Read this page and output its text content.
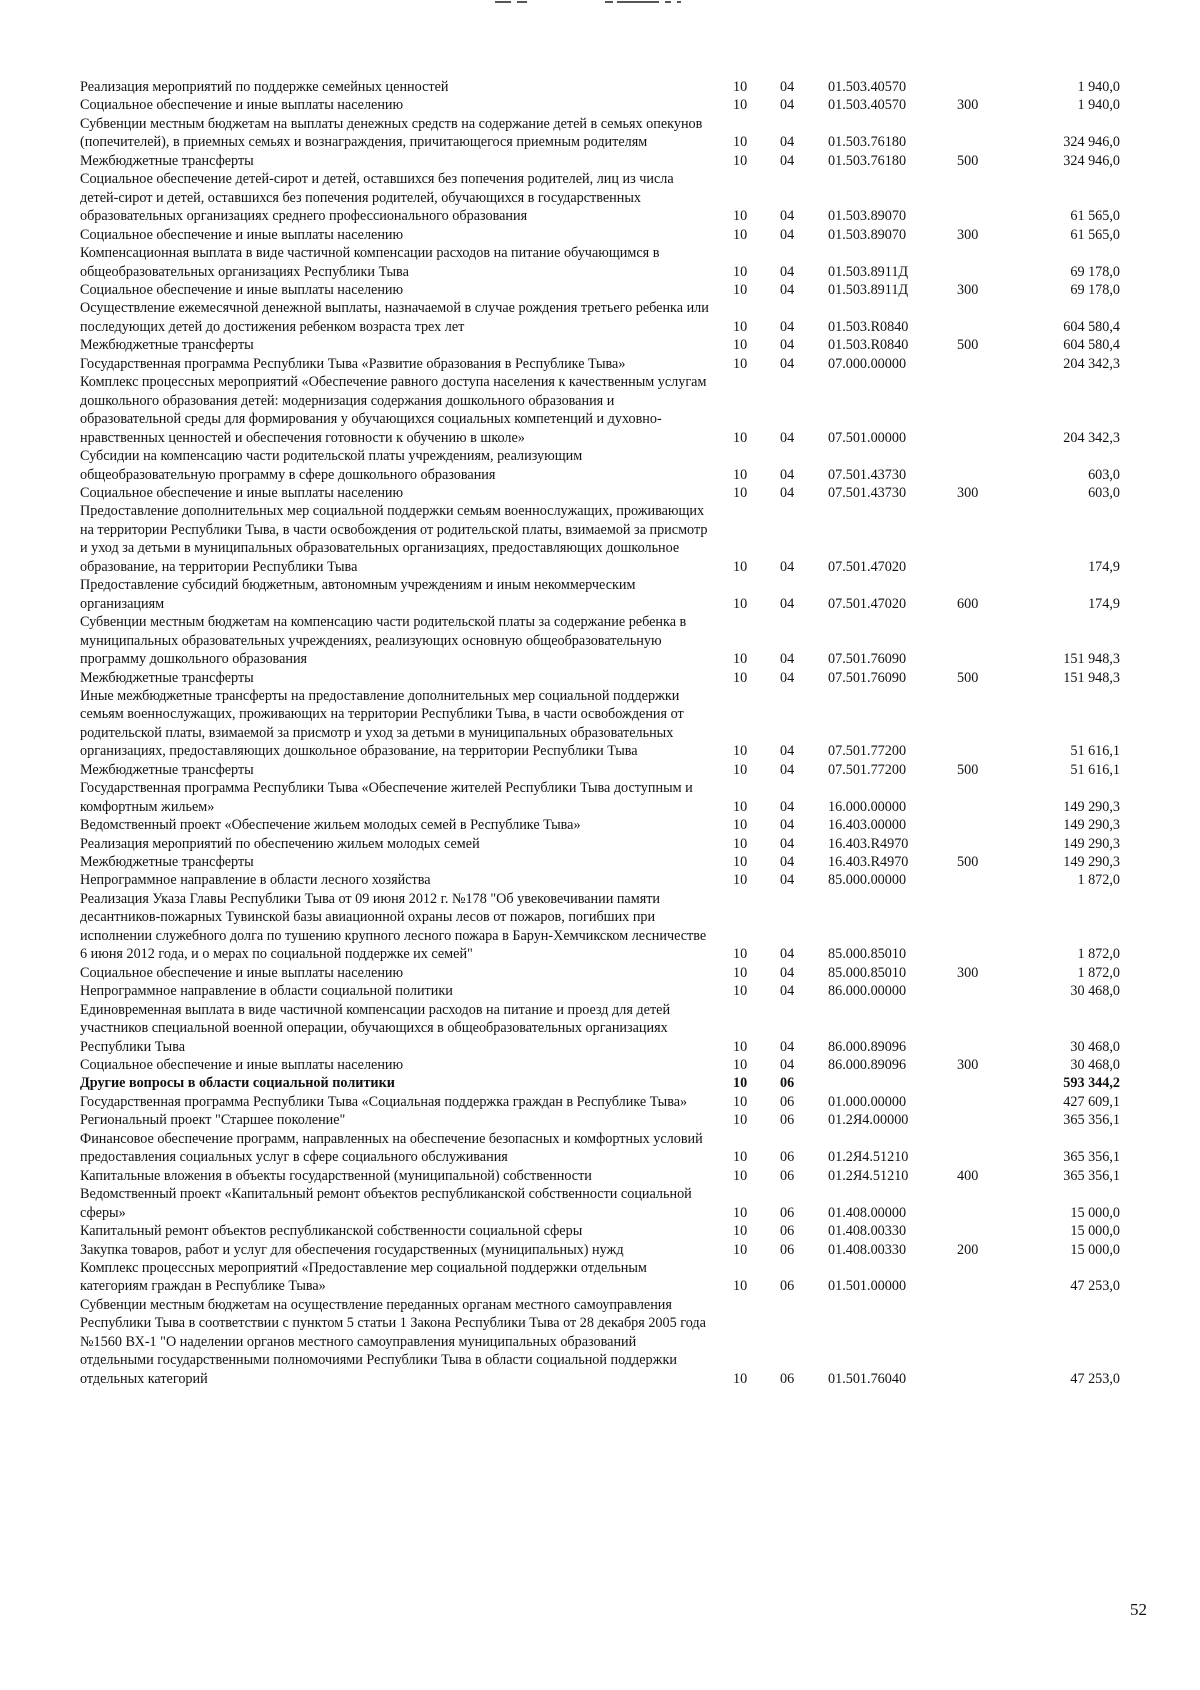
Реализация мероприятий по поддержке семейных ценностей	10 04 01.503.40570	1 940,0
Социальное обеспечение и иные выплаты населению	10 04 01.503.40570	300	1 940,0
Субвенции местным бюджетам на выплаты денежных средств на содержание детей в семьях опекунов (попечителей), в приемных семьях и вознаграждения, причитающегося приемным родителям	10 04 01.503.76180	324 946,0
Межбюджетные трансферты	10 04 01.503.76180	500	324 946,0
Социальное обеспечение детей-сирот и детей, оставшихся без попечения родителей, лиц из числа детей-сирот и детей, оставшихся без попечения родителей, обучающихся в государственных образовательных организациях среднего профессионального образования	10 04 01.503.89070	61 565,0
Социальное обеспечение и иные выплаты населению	10 04 01.503.89070	300	61 565,0
Компенсационная выплата в виде частичной компенсации расходов на питание обучающимся в общеобразовательных организациях Республики Тыва	10 04 01.503.8911Д	69 178,0
Социальное обеспечение и иные выплаты населению	10 04 01.503.8911Д	300	69 178,0
Осуществление ежемесячной денежной выплаты, назначаемой в случае рождения третьего ребенка или последующих детей до достижения ребенком возраста трех лет	10 04 01.503.R0840	604 580,4
Межбюджетные трансферты	10 04 01.503.R0840	500	604 580,4
Государственная программа Республики Тыва «Развитие образования в Республике Тыва»	10 04 07.000.00000	204 342,3
Комплекс процессных мероприятий «Обеспечение равного доступа населения к качественным услугам дошкольного образования детей: модернизация содержания дошкольного образования и образовательной среды для формирования у обучающихся социальных компетенций и духовно-нравственных ценностей и обеспечения готовности к обучению в школе»	10 04 07.501.00000	204 342,3
Субсидии на компенсацию части родительской платы учреждениям, реализующим общеобразовательную программу в сфере дошкольного образования	10 04 07.501.43730	603,0
Социальное обеспечение и иные выплаты населению	10 04 07.501.43730	300	603,0
Предоставление дополнительных мер социальной поддержки семьям военнослужащих, проживающих на территории Республики Тыва, в части освобождения от родительской платы, взимаемой за присмотр и уход за детьми в муниципальных образовательных организациях, предоставляющих дошкольное образование, на территории Республики Тыва	10 04 07.501.47020	174,9
Предоставление субсидий бюджетным, автономным учреждениям и иным некоммерческим организациям	10 04 07.501.47020	600	174,9
Субвенции местным бюджетам на компенсацию части родительской платы за содержание ребенка в муниципальных образовательных учреждениях, реализующих основную общеобразовательную программу дошкольного образования	10 04 07.501.76090	151 948,3
Межбюджетные трансферты	10 04 07.501.76090	500	151 948,3
Иные межбюджетные трансферты на предоставление дополнительных мер социальной поддержки семьям военнослужащих, проживающих на территории Республики Тыва, в части освобождения от родительской платы, взимаемой за присмотр и уход за детьми в муниципальных образовательных организациях, предоставляющих дошкольное образование, на территории Республики Тыва	10 04 07.501.77200	51 616,1
Межбюджетные трансферты	10 04 07.501.77200	500	51 616,1
Государственная программа Республики Тыва «Обеспечение жителей Республики Тыва доступным и комфортным жильем»	10 04 16.000.00000	149 290,3
Ведомственный проект «Обеспечение жильем молодых семей в Республике Тыва»	10 04 16.403.00000	149 290,3
Реализация мероприятий по обеспечению жильем молодых семей	10 04 16.403.R4970	149 290,3
Межбюджетные трансферты	10 04 16.403.R4970	500	149 290,3
Непрограммное направление в области лесного хозяйства	10 04 85.000.00000	1 872,0
Реализация Указа Главы Республики Тыва от 09 июня 2012 г. №178 "Об увековечивании памяти десантников-пожарных Тувинской базы авиационной охраны лесов от пожаров, погибших при исполнении служебного долга по тушению крупного лесного пожара в Барун-Хемчикском лесничестве 6 июня 2012 года, и о мерах по социальной поддержке их семей"	10 04 85.000.85010	1 872,0
Социальное обеспечение и иные выплаты населению	10 04 85.000.85010	300	1 872,0
Непрограммное направление в области социальной политики	10 04 86.000.00000	30 468,0
Единовременная выплата в виде частичной компенсации расходов на питание и проезд для детей участников специальной военной операции, обучающихся в общеобразовательных организациях Республики Тыва	10 04 86.000.89096	30 468,0
Социальное обеспечение и иные выплаты населению	10 04 86.000.89096	300	30 468,0
Другие вопросы в области социальной политики	10 06	593 344,2
Государственная программа Республики Тыва «Социальная поддержка граждан в Республике Тыва»	10 06 01.000.00000	427 609,1
Региональный проект "Старшее поколение"	10 06 01.2Я4.00000	365 356,1
Финансовое обеспечение программ, направленных на обеспечение безопасных и комфортных условий предоставления социальных услуг в сфере социального обслуживания	10 06 01.2Я4.51210	365 356,1
Капитальные вложения в объекты государственной (муниципальной) собственности	10 06 01.2Я4.51210	400	365 356,1
Ведомственный проект «Капитальный ремонт объектов республиканской собственности социальной сферы»	10 06 01.408.00000	15 000,0
Капитальный ремонт объектов республиканской собственности социальной сферы	10 06 01.408.00330	15 000,0
Закупка товаров, работ и услуг для обеспечения государственных (муниципальных) нужд	10 06 01.408.00330	200	15 000,0
Комплекс процессных мероприятий «Предоставление мер социальной поддержки отдельным категориям граждан в Республике Тыва»	10 06 01.501.00000	47 253,0
Субвенции местным бюджетам на осуществление переданных органам местного самоуправления Республики Тыва в соответствии с пунктом 5 статьи 1 Закона Республики Тыва от 28 декабря 2005 года №1560 ВХ-1 "О наделении органов местного самоуправления муниципальных образований отдельными государственными полномочиями Республики Тыва в области социальной поддержки отдельных категорий	10 06 01.501.76040	47 253,0
52
